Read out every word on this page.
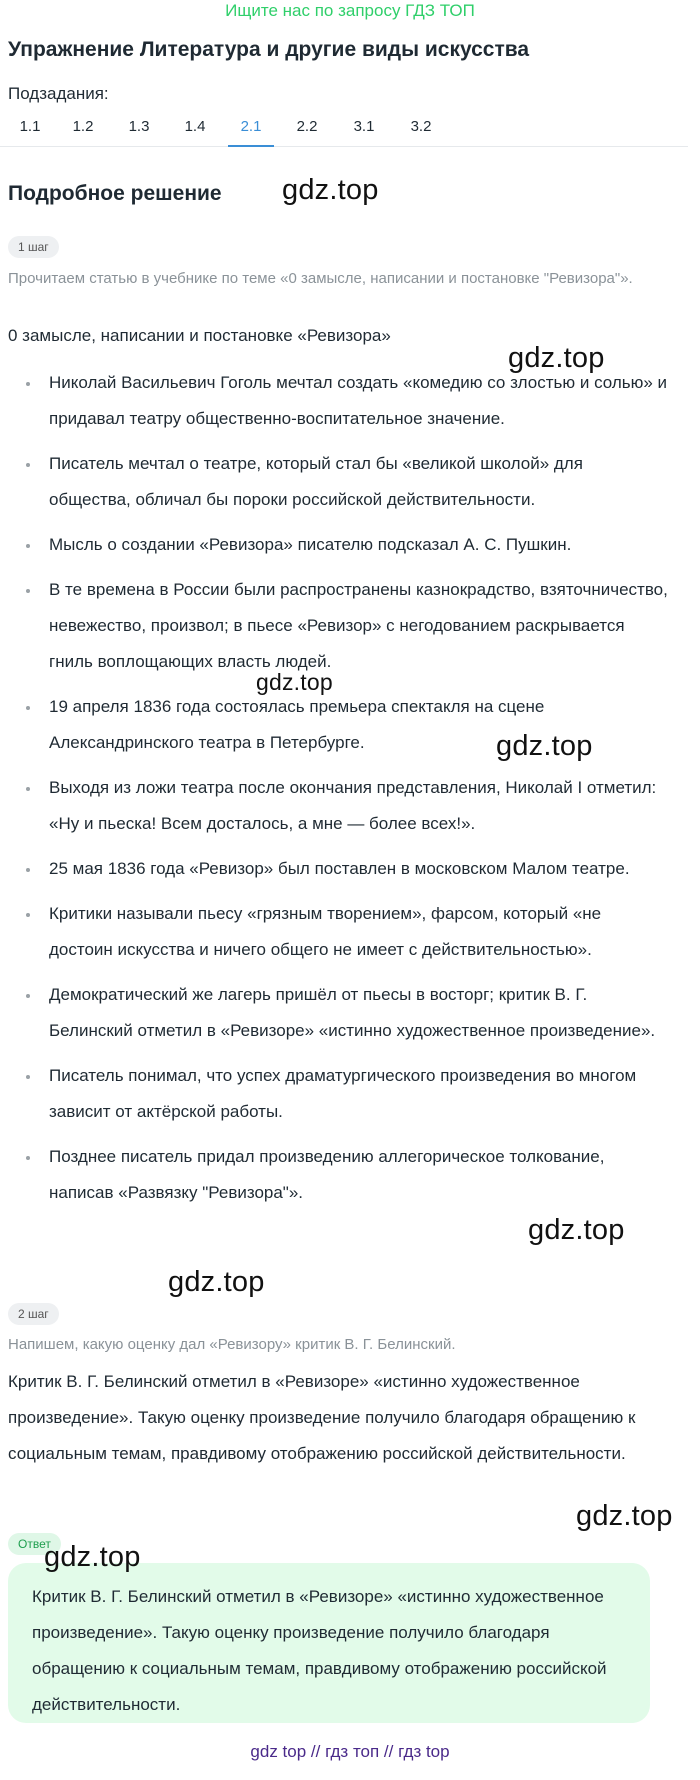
Ищите нас по запросу ГДЗ ТОП
Упражнение Литература и другие виды искусства
Подзадания:
1.1 1.2 1.3 1.4	2.1	2.2 3.1 3.2
Подробное решение gdz.top
1 шаг
Прочитаем статью в учебнике по теме «0 замысле, написании и постановке "Ревизора"».
0 замысле, написании и постановке «Ревизора»
gdz.top
Николай Васильевич Гоголь мечтал создать «комедию со злостью и солью» и придавал театру общественно-воспитательное значение.
Писатель мечтал о театре, который стал бы «великой школой» для общества, обличал бы пороки российской действительности.
Мысль о создании «Ревизора» писателю подсказал А. С. Пушкин.
В те времена в России были распространены казнокрадство, взяточничество, невежество, произвол; в пьесе «Ревизор» с негодованием раскрывается гниль воплощающих власть людей.
19 апреля 1836 года состоялась премьера спектакля на сцене Александринского театра в Петербурге.
Выходя из ложи театра после окончания представления, Николай I отметил: «Ну и пьеска! Всем досталось, а мне — более всех!».
25 мая 1836 года «Ревизор» был поставлен в московском Малом театре.
Критики называли пьесу «грязным творением», фарсом, который «не достоин искусства и ничего общего не имеет с действительностью».
Демократический же лагерь пришёл от пьесы в восторг; критик В. Г. Белинский отметил в «Ревизоре» «истинно художественное произведение».
Писатель понимал, что успех драматургического произведения во многом зависит от актёрской работы.
Позднее писатель придал произведению аллегорическое толкование, написав «Развязку "Ревизора"».
gdz.top
gdz.top
gdz.top
gdz.top
2 шаг
Напишем, какую оценку дал «Ревизору» критик В. Г. Белинский.
Критик В. Г. Белинский отметил в «Ревизоре» «истинно художественное произведение». Такую оценку произведение получило благодаря обращению к социальным темам, правдивому отображению российской действительности.
gdz.top
Ответ
Критик В. Г. Белинский отметил в «Ревизоре» «истинно художественное произведение». Такую оценку произведение получило благодаря обращению к социальным темам, правдивому отображению российской действительности.
gdz.top
gdz top // гдз топ // гдз top
